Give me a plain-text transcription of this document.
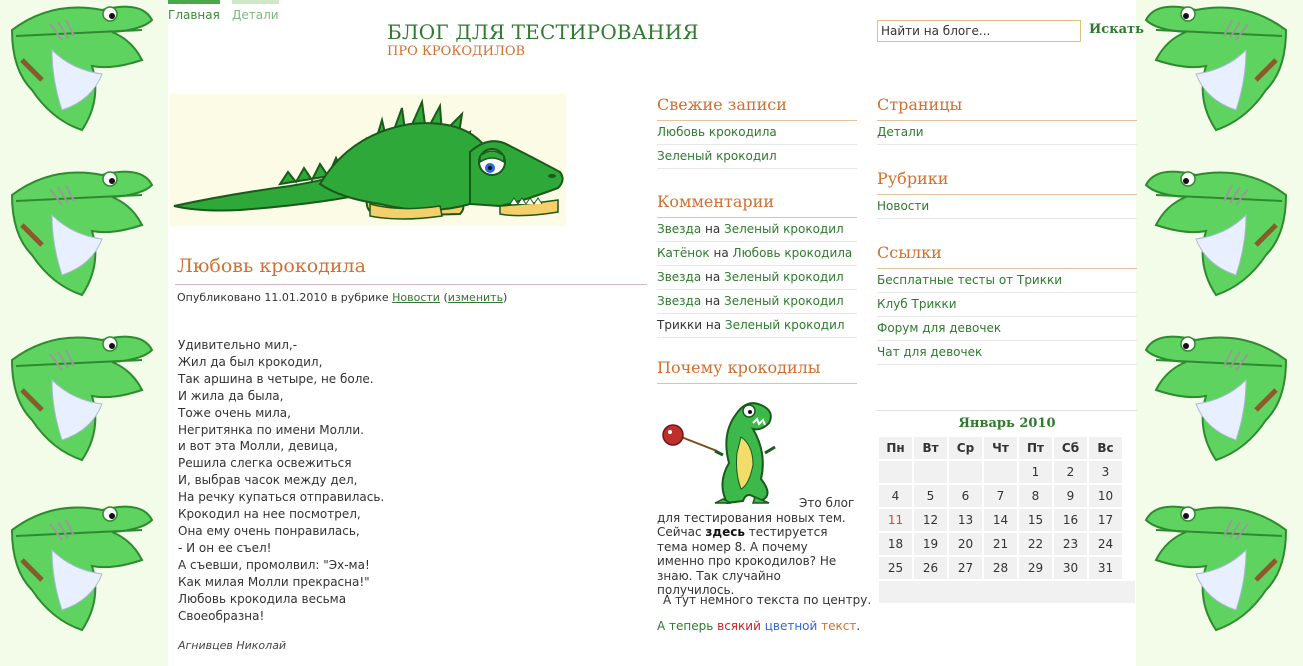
Главная Детали
БЛОГ ДЛЯ ТЕСТИРОВАНИЯ
ПРО КРОКОДИЛОВ
Найти на блоге...
Искать
Любовь крокодила
Опубликовано 11.01.2010 в рубрике Новости (изменить)
Удивительно мил,-
Жил да был крокодил,
Так аршина в четыре, не боле.
И жила да была,
Тоже очень мила,
Негритянка по имени Молли.
и вот эта Молли, девица,
Решила слегка освежиться
И, выбрав часок между дел,
На речку купаться отправилась.
Крокодил на нее посмотрел,
Она ему очень понравилась,
- И он ее съел!
А съевши, промолвил: "Эх-ма!
Как милая Молли прекрасна!"
Любовь крокодила весьма
Своеобразна!
Агнивцев Николай
Свежие записи
Любовь крокодила
Зеленый крокодил
Комментарии
Звезда на Зеленый крокодил
Катёнок на Любовь крокодила
Звезда на Зеленый крокодил
Звезда на Зеленый крокодил
Трикки на Зеленый крокодил
Почему крокодилы
Это блог для тестирования новых тем. Сейчас здесь тестируется тема номер 8. А почему именно про крокодилов? Не знаю. Так случайно получилось.
А тут немного текста по центру.
А теперь всякий цветной текст.
Страницы
Детали
Рубрики
Новости
Ссылки
Бесплатные тесты от Трикки
Клуб Трикки
Форум для девочек
Чат для девочек
Январь 2010
Пн	Вт	Ср	Чт	Пт	Сб	Вс
				1	2	3
4	5	6	7	8	9	10
11	12	13	14	15	16	17
18	19	20	21	22	23	24
25	26	27	28	29	30	31
